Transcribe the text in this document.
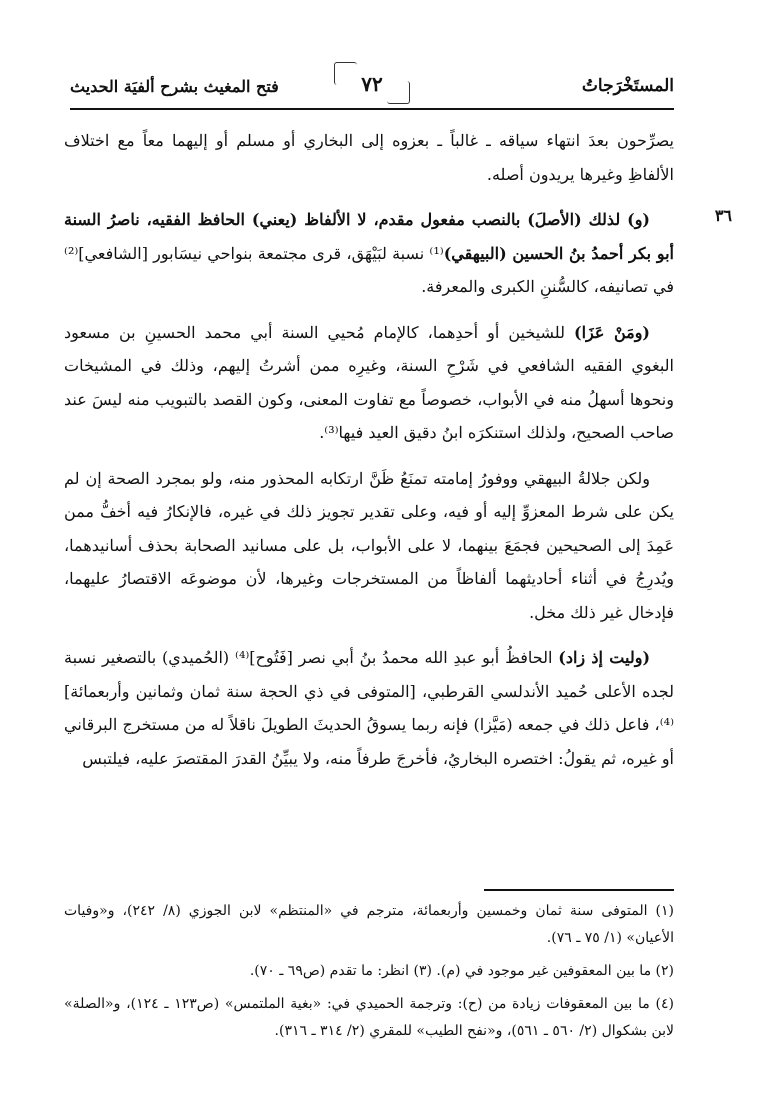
المستَخْرَجاتُ
فتح المغيث بشرح ألفيَة الحديث	٧٢
٣٦

يصرِّحون بعدَ انتهاء سياقه ـ غالباً ـ بعزوه إلى البخاري أو مسلم أو إليهما معاً مع اختلاف الألفاظِ وغيرها يريدون أصله.

(و) لذلك (الأصلَ) بالنصب مفعول مقدم، لا الألفاظ (يعني) الحافظ الفقيه، ناصرُ السنة أبو بكر أحمدُ بنُ الحسين (البيهقي)⁽¹⁾ نسبة لبَيْهَق، قرى مجتمعة بنواحي نيسَابور [الشافعي]⁽²⁾ في تصانيفه، كالسُّننِ الكبرى والمعرفة.

(ومَنْ عَزَا) للشيخين أو أحدِهما، كالإمام مُحيي السنة أبي محمد الحسينِ بن مسعود البغوي الفقيه الشافعي في شَرْحِ السنة، وغيرِه ممن أشرتُ إليهم، وذلك في المشيخات ونحوها أسهلُ منه في الأبواب، خصوصاً مع تفاوت المعنى، وكون القصد بالتبويب منه ليسَ عند صاحب الصحيح، ولذلك استنكرَه ابنُ دقيق العيد فيها⁽³⁾.

ولكن جلالةُ البيهقي ووفورُ إمامته تمنَعُ ظَنَّ ارتكابه المحذور منه، ولو بمجرد الصحة إن لم يكن على شرط المعزوِّ إليه أو فيه، وعلى تقدير تجويز ذلك في غيره، فالإنكارُ فيه أخفُّ ممن عَمِدَ إلى الصحيحين فجمَعَ بينهما، لا على الأبواب، بل على مسانيد الصحابة بحذف أسانيدهما، ويُدرِجُ في أثناء أحاديثهما ألفاظاً من المستخرجات وغيرها، لأن موضوعَه الاقتصارُ عليهما، فإدخال غير ذلك مخل.

(وليت إذ زاد) الحافظُ أبو عبدِ الله محمدُ بنُ أبي نصر [فَتُوح]⁽⁴⁾ (الحُميدي) بالتصغير نسبة لجده الأعلى حُميد الأندلسي القرطبي، [المتوفى في ذي الحجة سنة ثمان وثمانين وأربعمائة]⁽⁴⁾، فاعل ذلك في جمعه (مَيَّزا) فإنه ربما يسوقُ الحديثَ الطويلَ ناقلاً له من مستخرج البرقاني أو غيره، ثم يقولُ: اختصره البخاريُ، فأخرجَ طرفاً منه، ولا يبيِّنُ القدرَ المقتصرَ عليه، فيلتبس

(١) المتوفى سنة ثمان وخمسين وأربعمائة، مترجم في «المنتظم» لابن الجوزي (٨/ ٢٤٢)، و«وفيات الأعيان» (١/ ٧٥ ـ ٧٦).
(٢) ما بين المعقوفين غير موجود في (م). (٣) انظر: ما تقدم (ص٦٩ ـ ٧٠).
(٤) ما بين المعقوفات زيادة من (ح): وترجمة الحميدي في: «بغية الملتمس» (ص١٢٣ ـ ١٢٤)، و«الصلة» لابن بشكوال (٢/ ٥٦٠ ـ ٥٦١)، و«نفح الطيب» للمقري (٢/ ٣١٤ ـ ٣١٦).
